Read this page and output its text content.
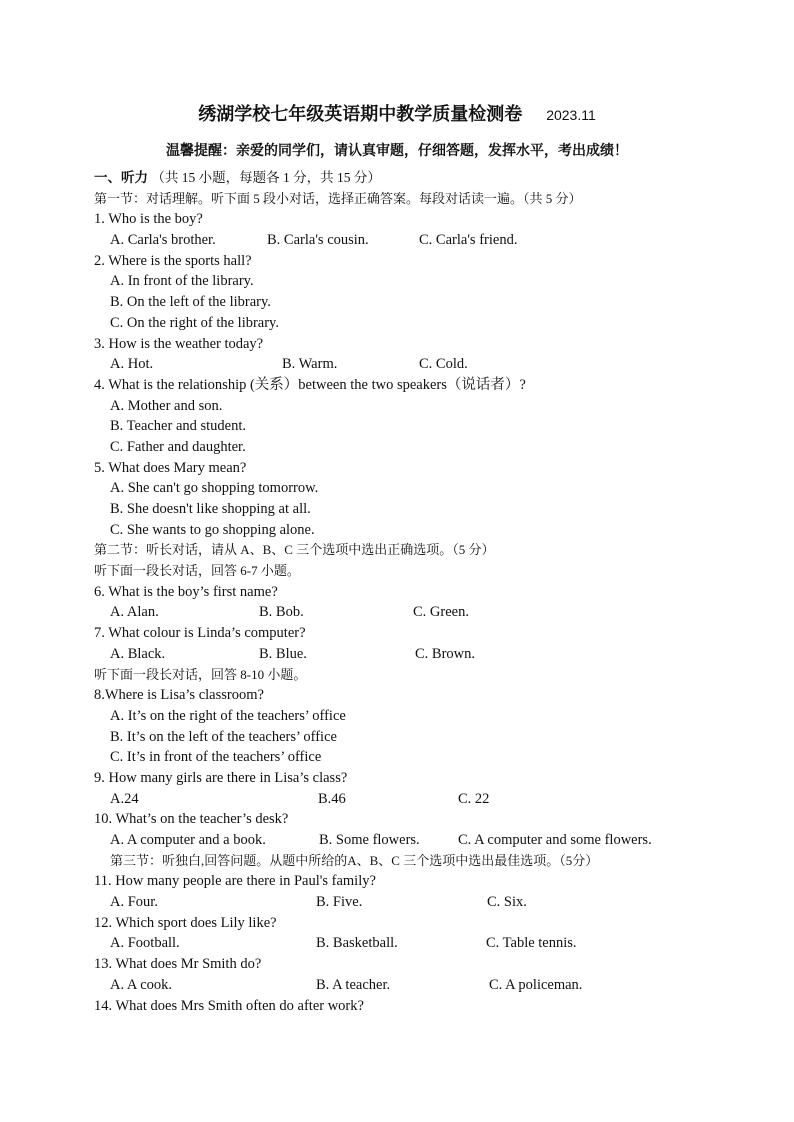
绣湖学校七年级英语期中教学质量检测卷 2023.11
温馨提醒：亲爱的同学们，请认真审题，仔细答题，发挥水平，考出成绩！
一、听力 （共 15 小题，每题各 1 分，共 15 分）
第一节：对话理解。听下面 5 段小对话，选择正确答案。每段对话读一遍。（共 5 分）
1. Who is the boy?
A. Carla's brother.	B. Carla's cousin.	C. Carla's friend.
2. Where is the sports hall?
A. In front of the library.
B. On the left of the library.
C. On the right of the library.
3. How is the weather today?
A. Hot.	B. Warm.	C. Cold.
4. What is the relationship (关系）between the two speakers（说话者）?
A. Mother and son.
B. Teacher and student.
C. Father and daughter.
5. What does Mary mean?
A. She can't go shopping tomorrow.
B. She doesn't like shopping at all.
C. She wants to go shopping alone.
第二节：听长对话，请从 A、B、C 三个选项中选出正确选项。（5 分）
听下面一段长对话，回答 6-7 小题。
6. What is the boy’s first name?
A. Alan.	B. Bob.	C. Green.
7. What colour is Linda’s computer?
A. Black.	B. Blue.	C. Brown.
听下面一段长对话，回答 8-10 小题。
8.Where is Lisa’s classroom?
A. It’s on the right of the teachers’ office
B. It’s on the left of the teachers’ office
C. It’s in front of the teachers’ office
9. How many girls are there in Lisa’s class?
A.24	B.46	C. 22
10. What’s on the teacher’s desk?
A. A computer and a book.	B. Some flowers.	C. A computer and some flowers.
第三节：听独白,回答问题。从题中所给的A、B、C 三个选项中选出最佳选项。（5分）
11. How many people are there in Paul's family?
A. Four.	B. Five.	C. Six.
12. Which sport does Lily like?
A. Football.	B. Basketball.	C. Table tennis.
13. What does Mr Smith do?
A. A cook.	B. A teacher.	C. A policeman.
14. What does Mrs Smith often do after work?
